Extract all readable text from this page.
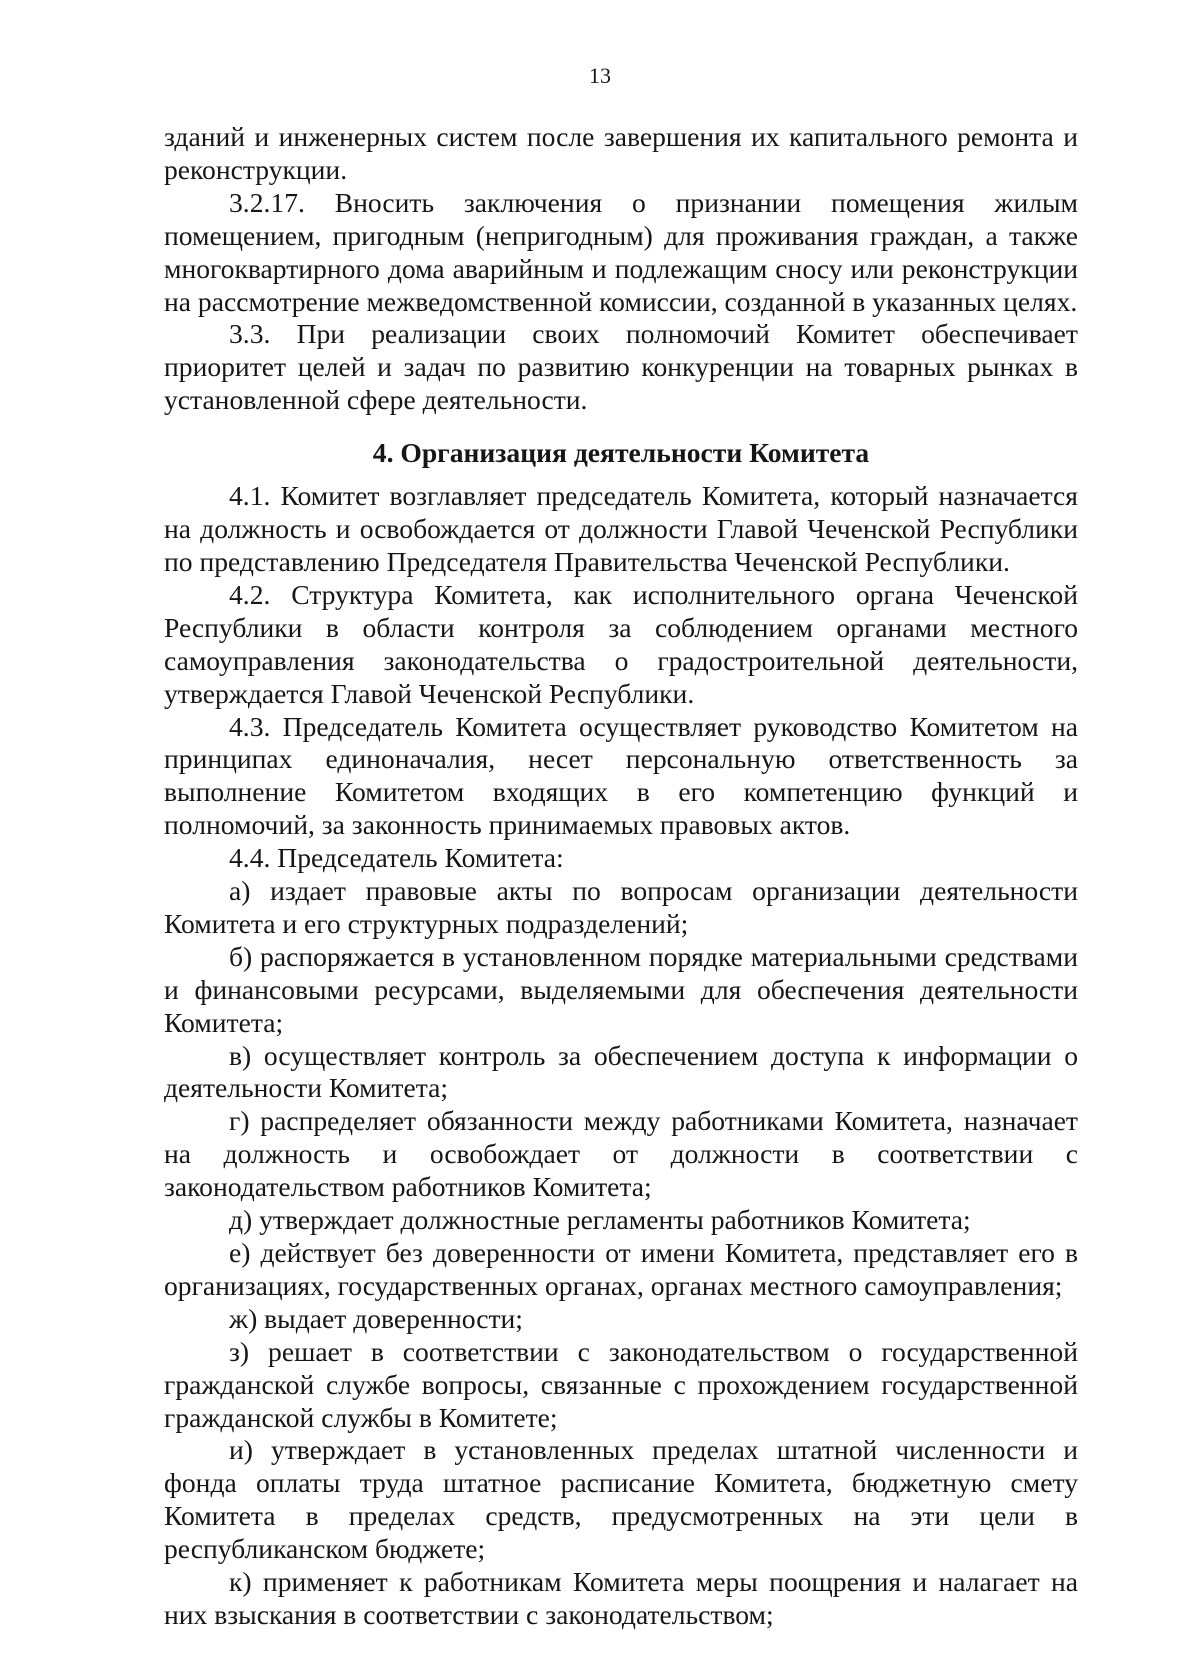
13

зданий и инженерных систем после завершения их капитального ремонта и реконструкции.

3.2.17. Вносить заключения о признании помещения жилым помещением, пригодным (непригодным) для проживания граждан, а также многоквартирного дома аварийным и подлежащим сносу или реконструкции на рассмотрение межведомственной комиссии, созданной в указанных целях.

3.3. При реализации своих полномочий Комитет обеспечивает приоритет целей и задач по развитию конкуренции на товарных рынках в установленной сфере деятельности.

4. Организация деятельности Комитета

4.1. Комитет возглавляет председатель Комитета, который назначается на должность и освобождается от должности Главой Чеченской Республики по представлению Председателя Правительства Чеченской Республики.

4.2. Структура Комитета, как исполнительного органа Чеченской Республики в области контроля за соблюдением органами местного самоуправления законодательства о градостроительной деятельности, утверждается Главой Чеченской Республики.

4.3. Председатель Комитета осуществляет руководство Комитетом на принципах единоначалия, несет персональную ответственность за выполнение Комитетом входящих в его компетенцию функций и полномочий, за законность принимаемых правовых актов.

4.4. Председатель Комитета:

а) издает правовые акты по вопросам организации деятельности Комитета и его структурных подразделений;

б) распоряжается в установленном порядке материальными средствами и финансовыми ресурсами, выделяемыми для обеспечения деятельности Комитета;

в) осуществляет контроль за обеспечением доступа к информации о деятельности Комитета;

г) распределяет обязанности между работниками Комитета, назначает на должность и освобождает от должности в соответствии с законодательством работников Комитета;

д) утверждает должностные регламенты работников Комитета;

е) действует без доверенности от имени Комитета, представляет его в организациях, государственных органах, органах местного самоуправления;

ж) выдает доверенности;

з) решает в соответствии с законодательством о государственной гражданской службе вопросы, связанные с прохождением государственной гражданской службы в Комитете;

и) утверждает в установленных пределах штатной численности и фонда оплаты труда штатное расписание Комитета, бюджетную смету Комитета в пределах средств, предусмотренных на эти цели в республиканском бюджете;

к) применяет к работникам Комитета меры поощрения и налагает на них взыскания в соответствии с законодательством;
